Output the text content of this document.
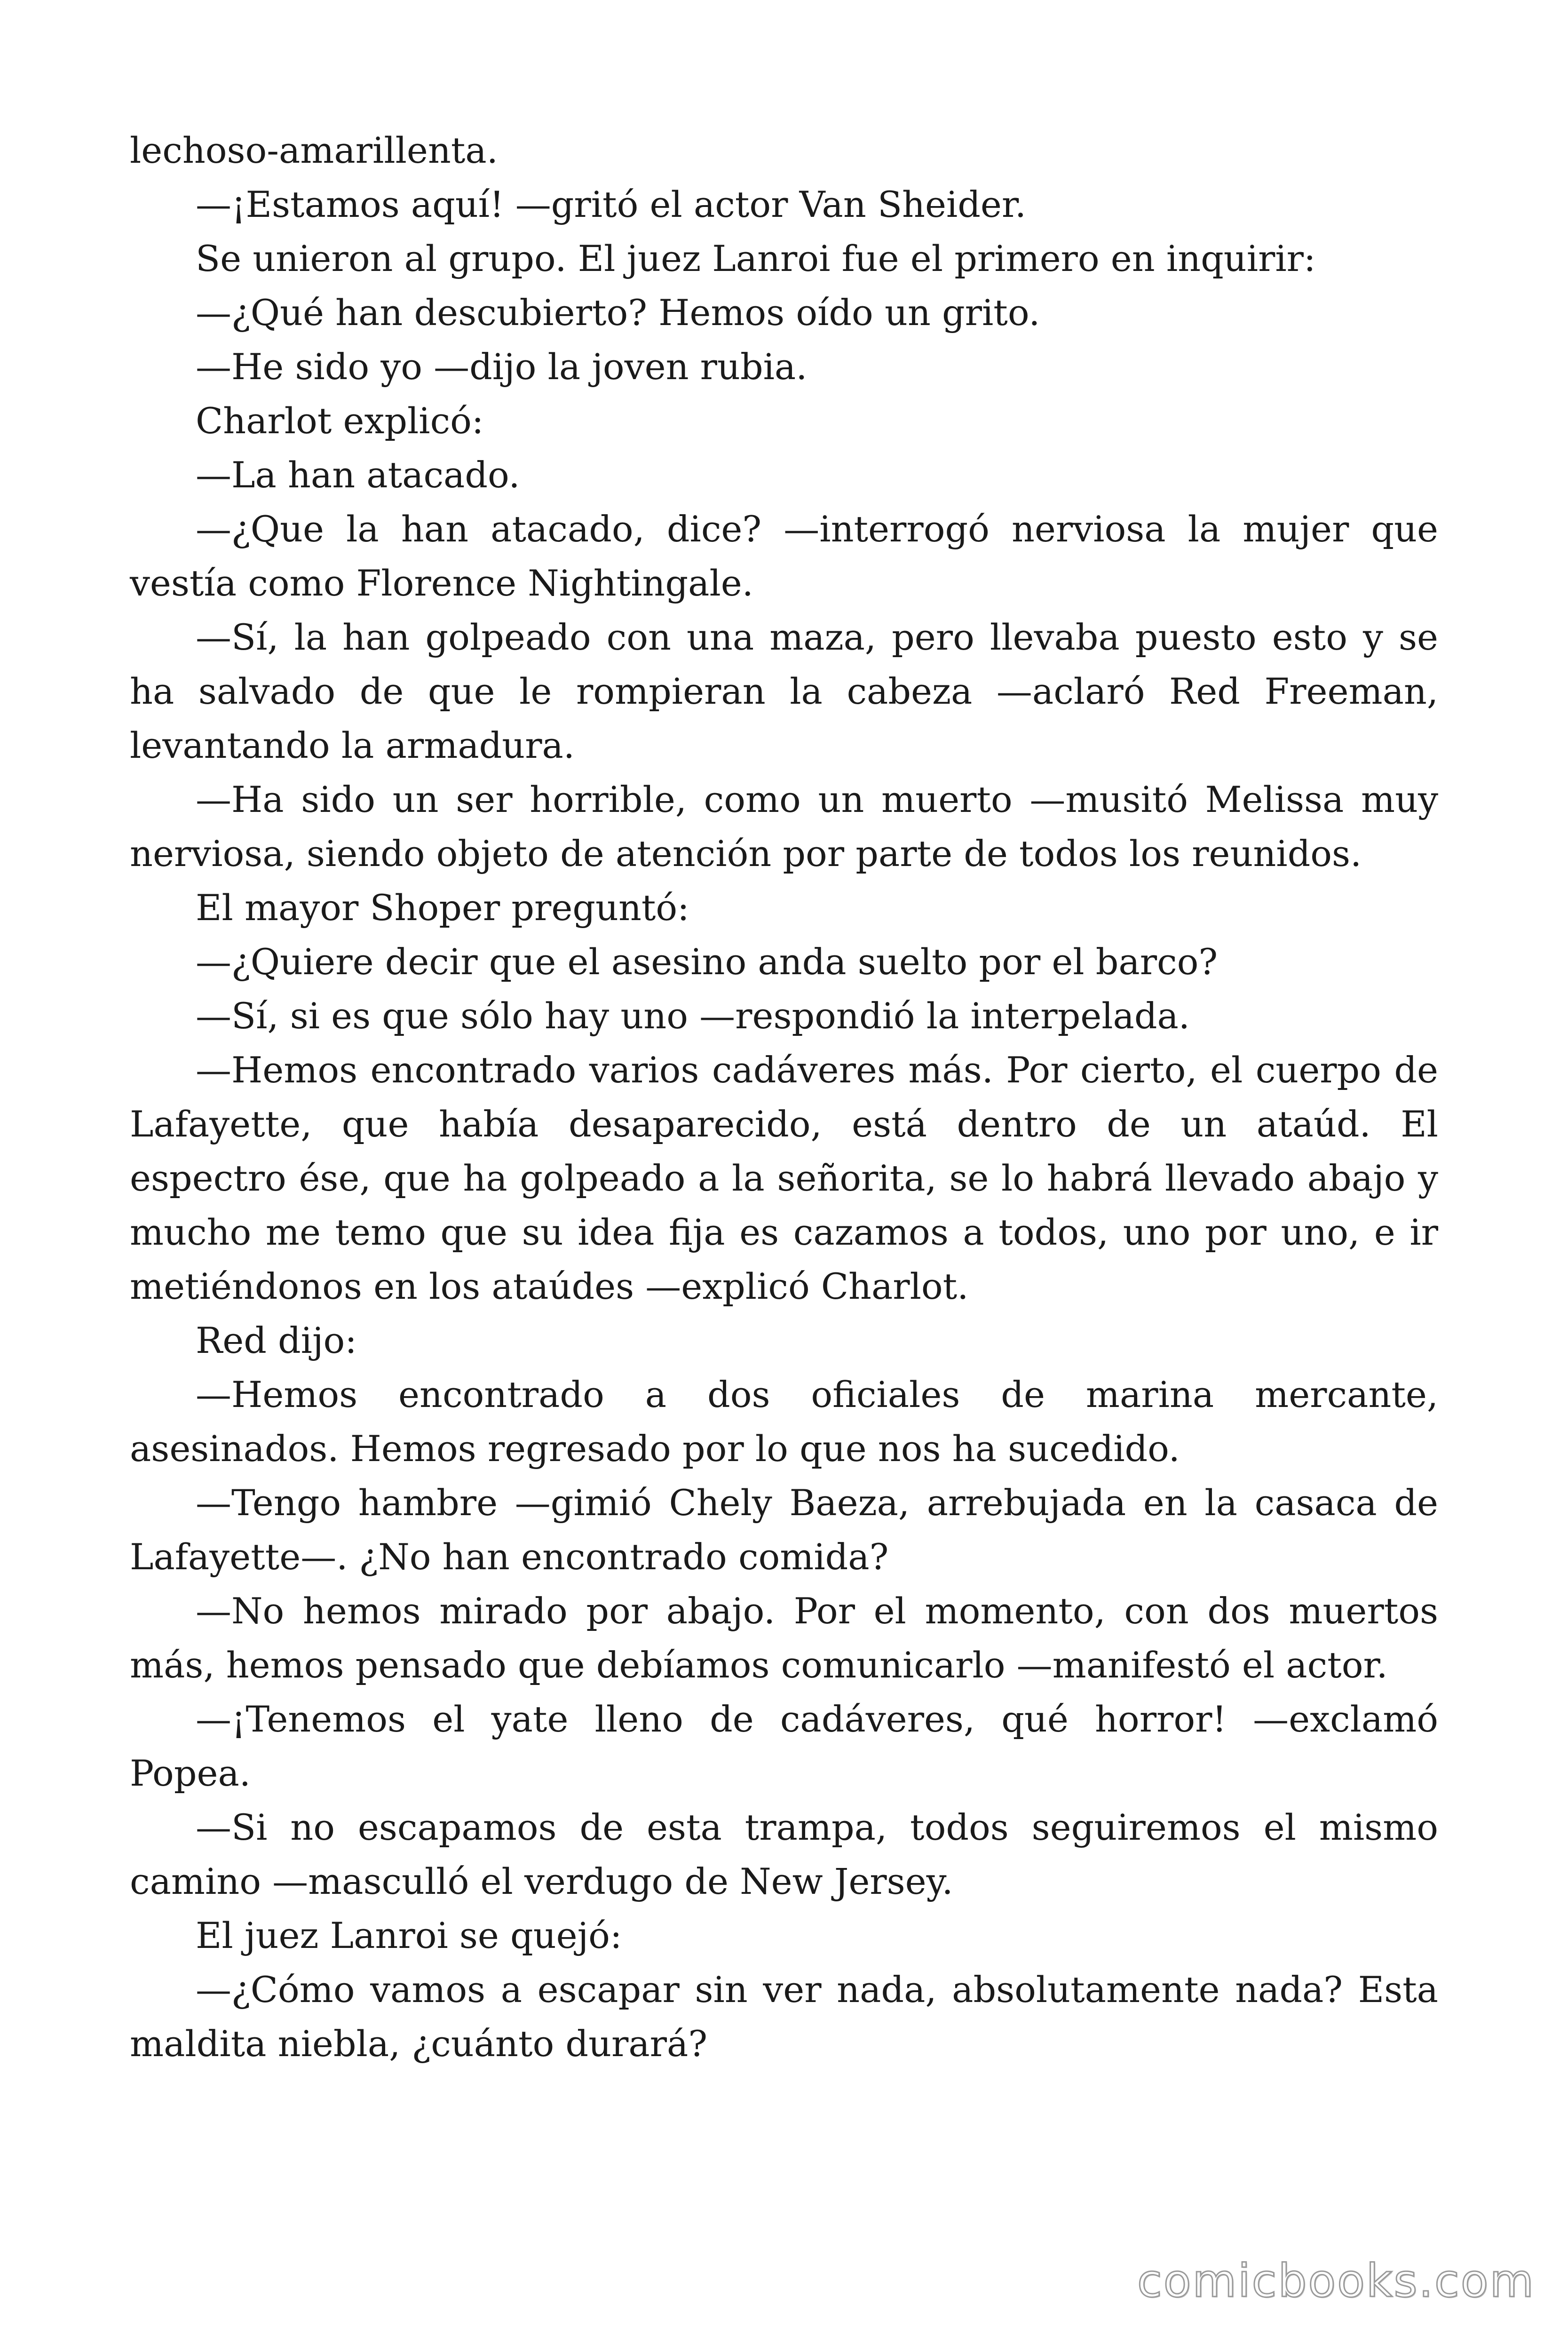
lechoso-amarillenta.

—¡Estamos aquí! —gritó el actor Van Sheider.

Se unieron al grupo. El juez Lanroi fue el primero en inquirir:

—¿Qué han descubierto? Hemos oído un grito.

—He sido yo —dijo la joven rubia.

Charlot explicó:

—La han atacado.

—¿Que la han atacado, dice? —interrogó nerviosa la mujer que vestía como Florence Nightingale.

—Sí, la han golpeado con una maza, pero llevaba puesto esto y se ha salvado de que le rompieran la cabeza —aclaró Red Freeman, levantando la armadura.

—Ha sido un ser horrible, como un muerto —musitó Melissa muy nerviosa, siendo objeto de atención por parte de todos los reunidos.

El mayor Shoper preguntó:

—¿Quiere decir que el asesino anda suelto por el barco?

—Sí, si es que sólo hay uno —respondió la interpelada.

—Hemos encontrado varios cadáveres más. Por cierto, el cuerpo de Lafayette, que había desaparecido, está dentro de un ataúd. El espectro ése, que ha golpeado a la señorita, se lo habrá llevado abajo y mucho me temo que su idea fija es cazamos a todos, uno por uno, e ir metiéndonos en los ataúdes —explicó Charlot.

Red dijo:

—Hemos encontrado a dos oficiales de marina mercante, asesinados. Hemos regresado por lo que nos ha sucedido.

—Tengo hambre —gimió Chely Baeza, arrebujada en la casaca de Lafayette—. ¿No han encontrado comida?

—No hemos mirado por abajo. Por el momento, con dos muertos más, hemos pensado que debíamos comunicarlo —manifestó el actor.

—¡Tenemos el yate lleno de cadáveres, qué horror! —exclamó Popea.

—Si no escapamos de esta trampa, todos seguiremos el mismo camino —masculló el verdugo de New Jersey.

El juez Lanroi se quejó:

—¿Cómo vamos a escapar sin ver nada, absolutamente nada? Esta maldita niebla, ¿cuánto durará?

comicbooks.com
